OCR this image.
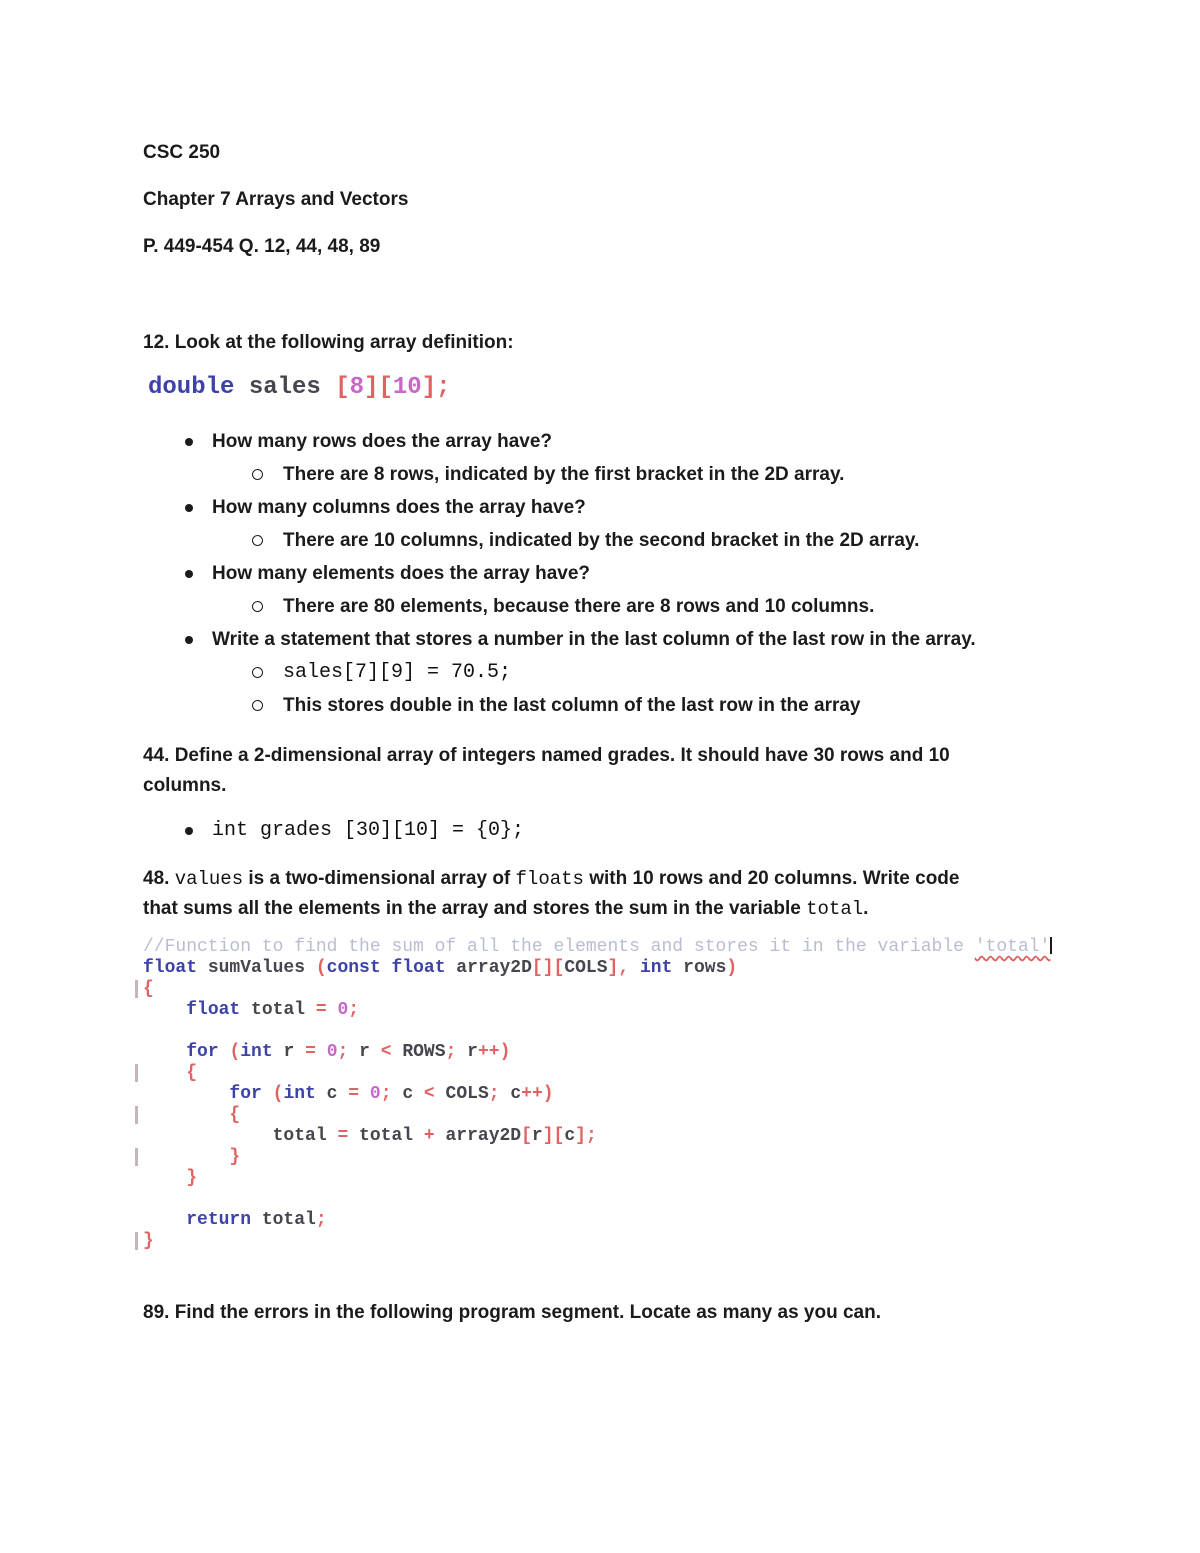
CSC 250

Chapter 7 Arrays and Vectors

P. 449-454 Q. 12, 44, 48, 89

12. Look at the following array definition:

double sales [8][10];
How many rows does the array have?
There are 8 rows, indicated by the first bracket in the 2D array.
How many columns does the array have?
There are 10 columns, indicated by the second bracket in the 2D array.
How many elements does the array have?
There are 80 elements, because there are 8 rows and 10 columns.
Write a statement that stores a number in the last column of the last row in the array.
sales[7][9] = 70.5;
This stores double in the last column of the last row in the array

44. Define a 2-dimensional array of integers named grades. It should have 30 rows and 10
columns.

int grades [30][10] = {0};

48. values is a two-dimensional array of floats with 10 rows and 20 columns. Write code
that sums all the elements in the array and stores the sum in the variable total.

//Function to find the sum of all the elements and stores it in the variable 'total'
float sumValues (const float array2D[][COLS], int rows)
{
float total = 0;

for (int r = 0; r < ROWS; r++)
{
for (int c = 0; c < COLS; c++)
{
total = total + array2D[r][c];
}
}

return total;
}

89. Find the errors in the following program segment. Locate as many as you can.
